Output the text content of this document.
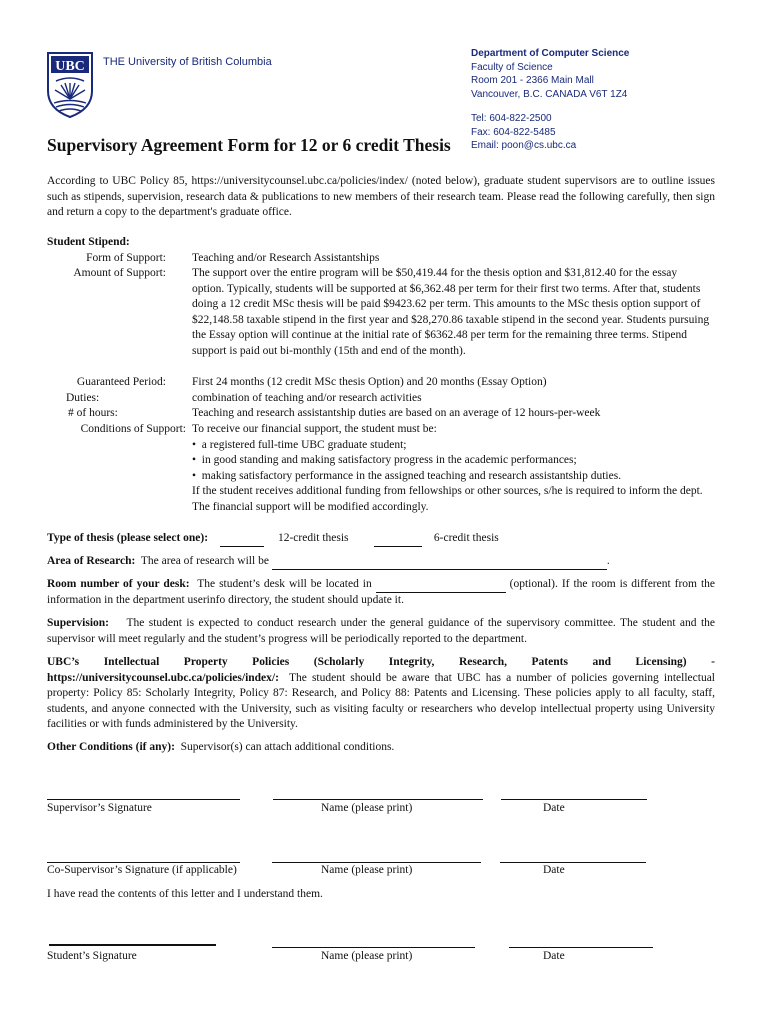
UBC THE University of British Columbia
Department of Computer Science
Faculty of Science
Room 201 - 2366 Main Mall
Vancouver, B.C. CANADA V6T 1Z4
Tel: 604-822-2500
Fax: 604-822-5485
Email: poon@cs.ubc.ca
Supervisory Agreement Form for 12 or 6 credit Thesis
According to UBC Policy 85, https://universitycounsel.ubc.ca/policies/index/ (noted below), graduate student supervisors are to outline issues such as stipends, supervision, research data & publications to new members of their research team. Please read the following carefully, then sign and return a copy to the department's graduate office.
Student Stipend:
Form of Support: Teaching and/or Research Assistantships
Amount of Support: The support over the entire program will be $50,419.44 for the thesis option and $31,812.40 for the essay option. Typically, students will be supported at $6,362.48 per term for their first two terms. After that, students doing a 12 credit MSc thesis will be paid $9423.62 per term. This amounts to the MSc thesis option support of $22,148.58 taxable stipend in the first year and $28,270.86 taxable stipend in the second year. Students pursuing the Essay option will continue at the initial rate of $6362.48 per term for the remaining three terms. Stipend support is paid out bi-monthly (15th and end of the month).
Guaranteed Period: First 24 months (12 credit MSc thesis Option) and 20 months (Essay Option)
Duties:	combination of teaching and/or research activities
# of hours:	Teaching and research assistantship duties are based on an average of 12 hours-per-week
Conditions of Support: To receive our financial support, the student must be:
•  a registered full-time UBC graduate student;
•  in good standing and making satisfactory progress in the academic performances;
•  making satisfactory performance in the assigned teaching and research assistantship duties.
If the student receives additional funding from fellowships or other sources, s/he is required to inform the dept. The financial support will be modified accordingly.
Type of thesis (please select one):	12-credit thesis	6-credit thesis
Area of Research: The area of research will be	.
Room number of your desk: The student’s desk will be located in	(optional). If the room is different from the information in the department userinfo directory, the student should update it.
Supervision: The student is expected to conduct research under the general guidance of the supervisory committee. The student and the supervisor will meet regularly and the student’s progress will be periodically reported to the department.
UBC’s Intellectual Property Policies (Scholarly Integrity, Research, Patents and Licensing) - https://universitycounsel.ubc.ca/policies/index/: The student should be aware that UBC has a number of policies governing intellectual property: Policy 85: Scholarly Integrity, Policy 87: Research, and Policy 88: Patents and Licensing. These policies apply to all faculty, staff, students, and anyone connected with the University, such as visiting faculty or researchers who develop intellectual property using University facilities or with funds administered by the University.
Other Conditions (if any): Supervisor(s) can attach additional conditions.
Supervisor’s Signature	Name (please print)	Date
Co-Supervisor’s Signature (if applicable)	Name (please print)	Date
I have read the contents of this letter and I understand them.
Student’s Signature	Name (please print)	Date
